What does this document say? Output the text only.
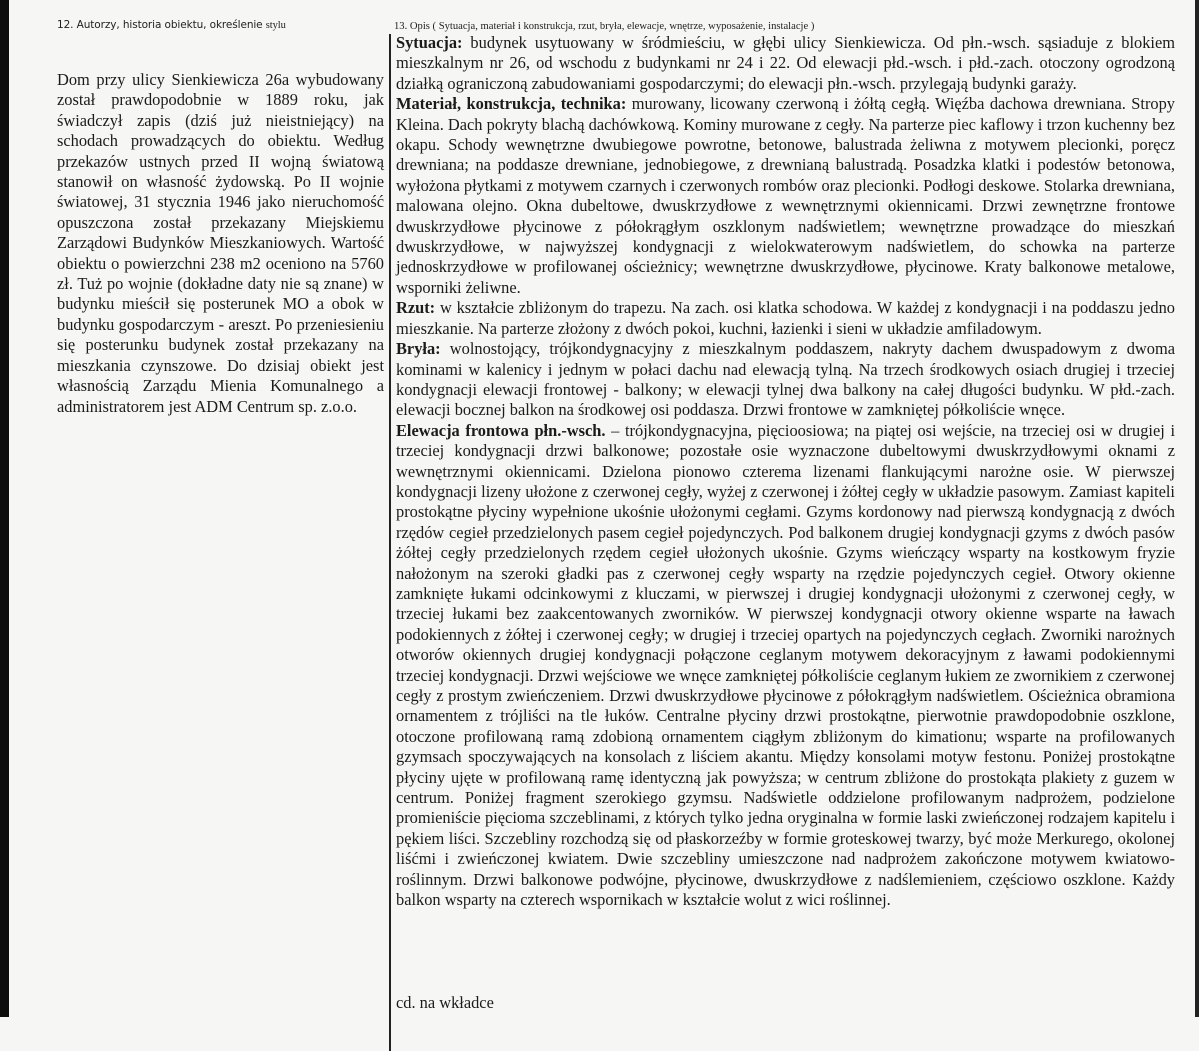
12. Autorzy, historia obiektu, określenie stylu
Dom przy ulicy Sienkiewicza 26a wybudowany został prawdopodobnie w 1889 roku, jak świadczył zapis (dziś już nieistniejący) na schodach prowadzących do obiektu. Według przekazów ustnych przed II wojną światową stanowił on własność żydowską. Po II wojnie światowej, 31 stycznia 1946 jako nieruchomość opuszczona został przekazany Miejskiemu Zarządowi Budynków Mieszkaniowych. Wartość obiektu o powierzchni 238 m2 oceniono na 5760 zł. Tuż po wojnie (dokładne daty nie są znane) w budynku mieścił się posterunek MO a obok w budynku gospodarczym - areszt. Po przeniesieniu się posterunku budynek został przekazany na mieszkania czynszowe. Do dzisiaj obiekt jest własnością Zarządu Mienia Komunalnego a administratorem jest ADM Centrum sp. z.o.o.
13. Opis ( Sytuacja, materiał i konstrukcja, rzut, bryła, elewacje, wnętrze, wyposażenie, instalacje )

Sytuacja: budynek usytuowany w śródmieściu, w głębi ulicy Sienkiewicza. Od płn.-wsch. sąsiaduje z blokiem mieszkalnym nr 26, od wschodu z budynkami nr 24 i 22. Od elewacji płd.-wsch. i płd.-zach. otoczony ogrodzoną działką ograniczoną zabudowaniami gospodarczymi; do elewacji płn.-wsch. przylegają budynki garaży.

Materiał, konstrukcja, technika: murowany, licowany czerwoną i żółtą cegłą. Więźba dachowa drewniana. Stropy Kleina. Dach pokryty blachą dachówkową. Kominy murowane z cegły. Na parterze piec kaflowy i trzon kuchenny bez okapu. Schody wewnętrzne dwubiegowe powrotne, betonowe, balustrada żeliwna z motywem plecionki, poręcz drewniana; na poddasze drewniane, jednobiegowe, z drewnianą balustradą. Posadzka klatki i podestów betonowa, wyłożona płytkami z motywem czarnych i czerwonych rombów oraz plecionki. Podłogi deskowe. Stolarka drewniana, malowana olejno. Okna dubeltowe, dwuskrzydłowe z wewnętrznymi okiennicami. Drzwi zewnętrzne frontowe dwuskrzydłowe płycinowe z półokrągłym oszklonym nadświetlem; wewnętrzne prowadzące do mieszkań dwuskrzydłowe, w najwyższej kondygnacji z wielokwaterowym nadświetlem, do schowka na parterze jednoskrzydłowe w profilowanej ościeżnicy; wewnętrzne dwuskrzydłowe, płycinowe. Kraty balkonowe metalowe, wsporniki żeliwne.

Rzut: w kształcie zbliżonym do trapezu. Na zach. osi klatka schodowa. W każdej z kondygnacji i na poddaszu jedno mieszkanie. Na parterze złożony z dwóch pokoi, kuchni, łazienki i sieni w układzie amfiladowym.

Bryła: wolnostojący, trójkondygnacyjny z mieszkalnym poddaszem, nakryty dachem dwuspadowym z dwoma kominami w kalenicy i jednym w połaci dachu nad elewacją tylną. Na trzech środkowych osiach drugiej i trzeciej kondygnacji elewacji frontowej - balkony; w elewacji tylnej dwa balkony na całej długości budynku. W płd.-zach. elewacji bocznej balkon na środkowej osi poddasza. Drzwi frontowe w zamkniętej półkoliście wnęce.

Elewacja frontowa płn.-wsch. – trójkondygnacyjna, pięcioosiowa; na piątej osi wejście, na trzeciej osi w drugiej i trzeciej kondygnacji drzwi balkonowe; pozostałe osie wyznaczone dubeltowymi dwuskrzydłowymi oknami z wewnętrznymi okiennicami. Dzielona pionowo czterema lizenami flankującymi narożne osie. W pierwszej kondygnacji lizeny ułożone z czerwonej cegły, wyżej z czerwonej i żółtej cegły w układzie pasowym. Zamiast kapiteli prostokątne płyciny wypełnione ukośnie ułożonymi cegłami. Gzyms kordonowy nad pierwszą kondygnacją z dwóch rzędów cegieł przedzielonych pasem cegieł pojedynczych. Pod balkonem drugiej kondygnacji gzyms z dwóch pasów żółtej cegły przedzielonych rzędem cegieł ułożonych ukośnie. Gzyms wieńczący wsparty na kostkowym fryzie nałożonym na szeroki gładki pas z czerwonej cegły wsparty na rzędzie pojedynczych cegieł. Otwory okienne zamknięte łukami odcinkowymi z kluczami, w pierwszej i drugiej kondygnacji ułożonymi z czerwonej cegły, w trzeciej łukami bez zaakcentowanych zworników. W pierwszej kondygnacji otwory okienne wsparte na ławach podokiennych z żółtej i czerwonej cegły; w drugiej i trzeciej opartych na pojedynczych cegłach. Zworniki narożnych otworów okiennych drugiej kondygnacji połączone ceglanym motywem dekoracyjnym z ławami podokiennymi trzeciej kondygnacji. Drzwi wejściowe we wnęce zamkniętej półkoliście ceglanym łukiem ze zwornikiem z czerwonej cegły z prostym zwieńczeniem. Drzwi dwuskrzydłowe płycinowe z półokrągłym nadświetlem. Ościeżnica obramiona ornamentem z trójliści na tle łuków. Centralne płyciny drzwi prostokątne, pierwotnie prawdopodobnie oszklone, otoczone profilowaną ramą zdobioną ornamentem ciągłym zbliżonym do kimationu; wsparte na profilowanych gzymsach spoczywających na konsolach z liściem akantu. Między konsolami motyw festonu. Poniżej prostokątne płyciny ujęte w profilowaną ramę identyczną jak powyższa; w centrum zbliżone do prostokąta plakiety z guzem w centrum. Poniżej fragment szerokiego gzymsu. Nadświetle oddzielone profilowanym nadprożem, podzielone promieniście pięcioma szczeblinami, z których tylko jedna oryginalna w formie laski zwieńczonej rodzajem kapitelu i pękiem liści. Szczebliny rozchodzą się od płaskorzeźby w formie groteskowej twarzy, być może Merkurego, okolonej liśćmi i zwieńczonej kwiatem. Dwie szczebliny umieszczone nad nadprożem zakończone motywem kwiatowo-roślinnym. Drzwi balkonowe podwójne, płycinowe, dwuskrzydłowe z nadślemieniem, częściowo oszklone. Każdy balkon wsparty na czterech wspornikach w kształcie wolut z wici roślinnej.

cd. na wkładce
